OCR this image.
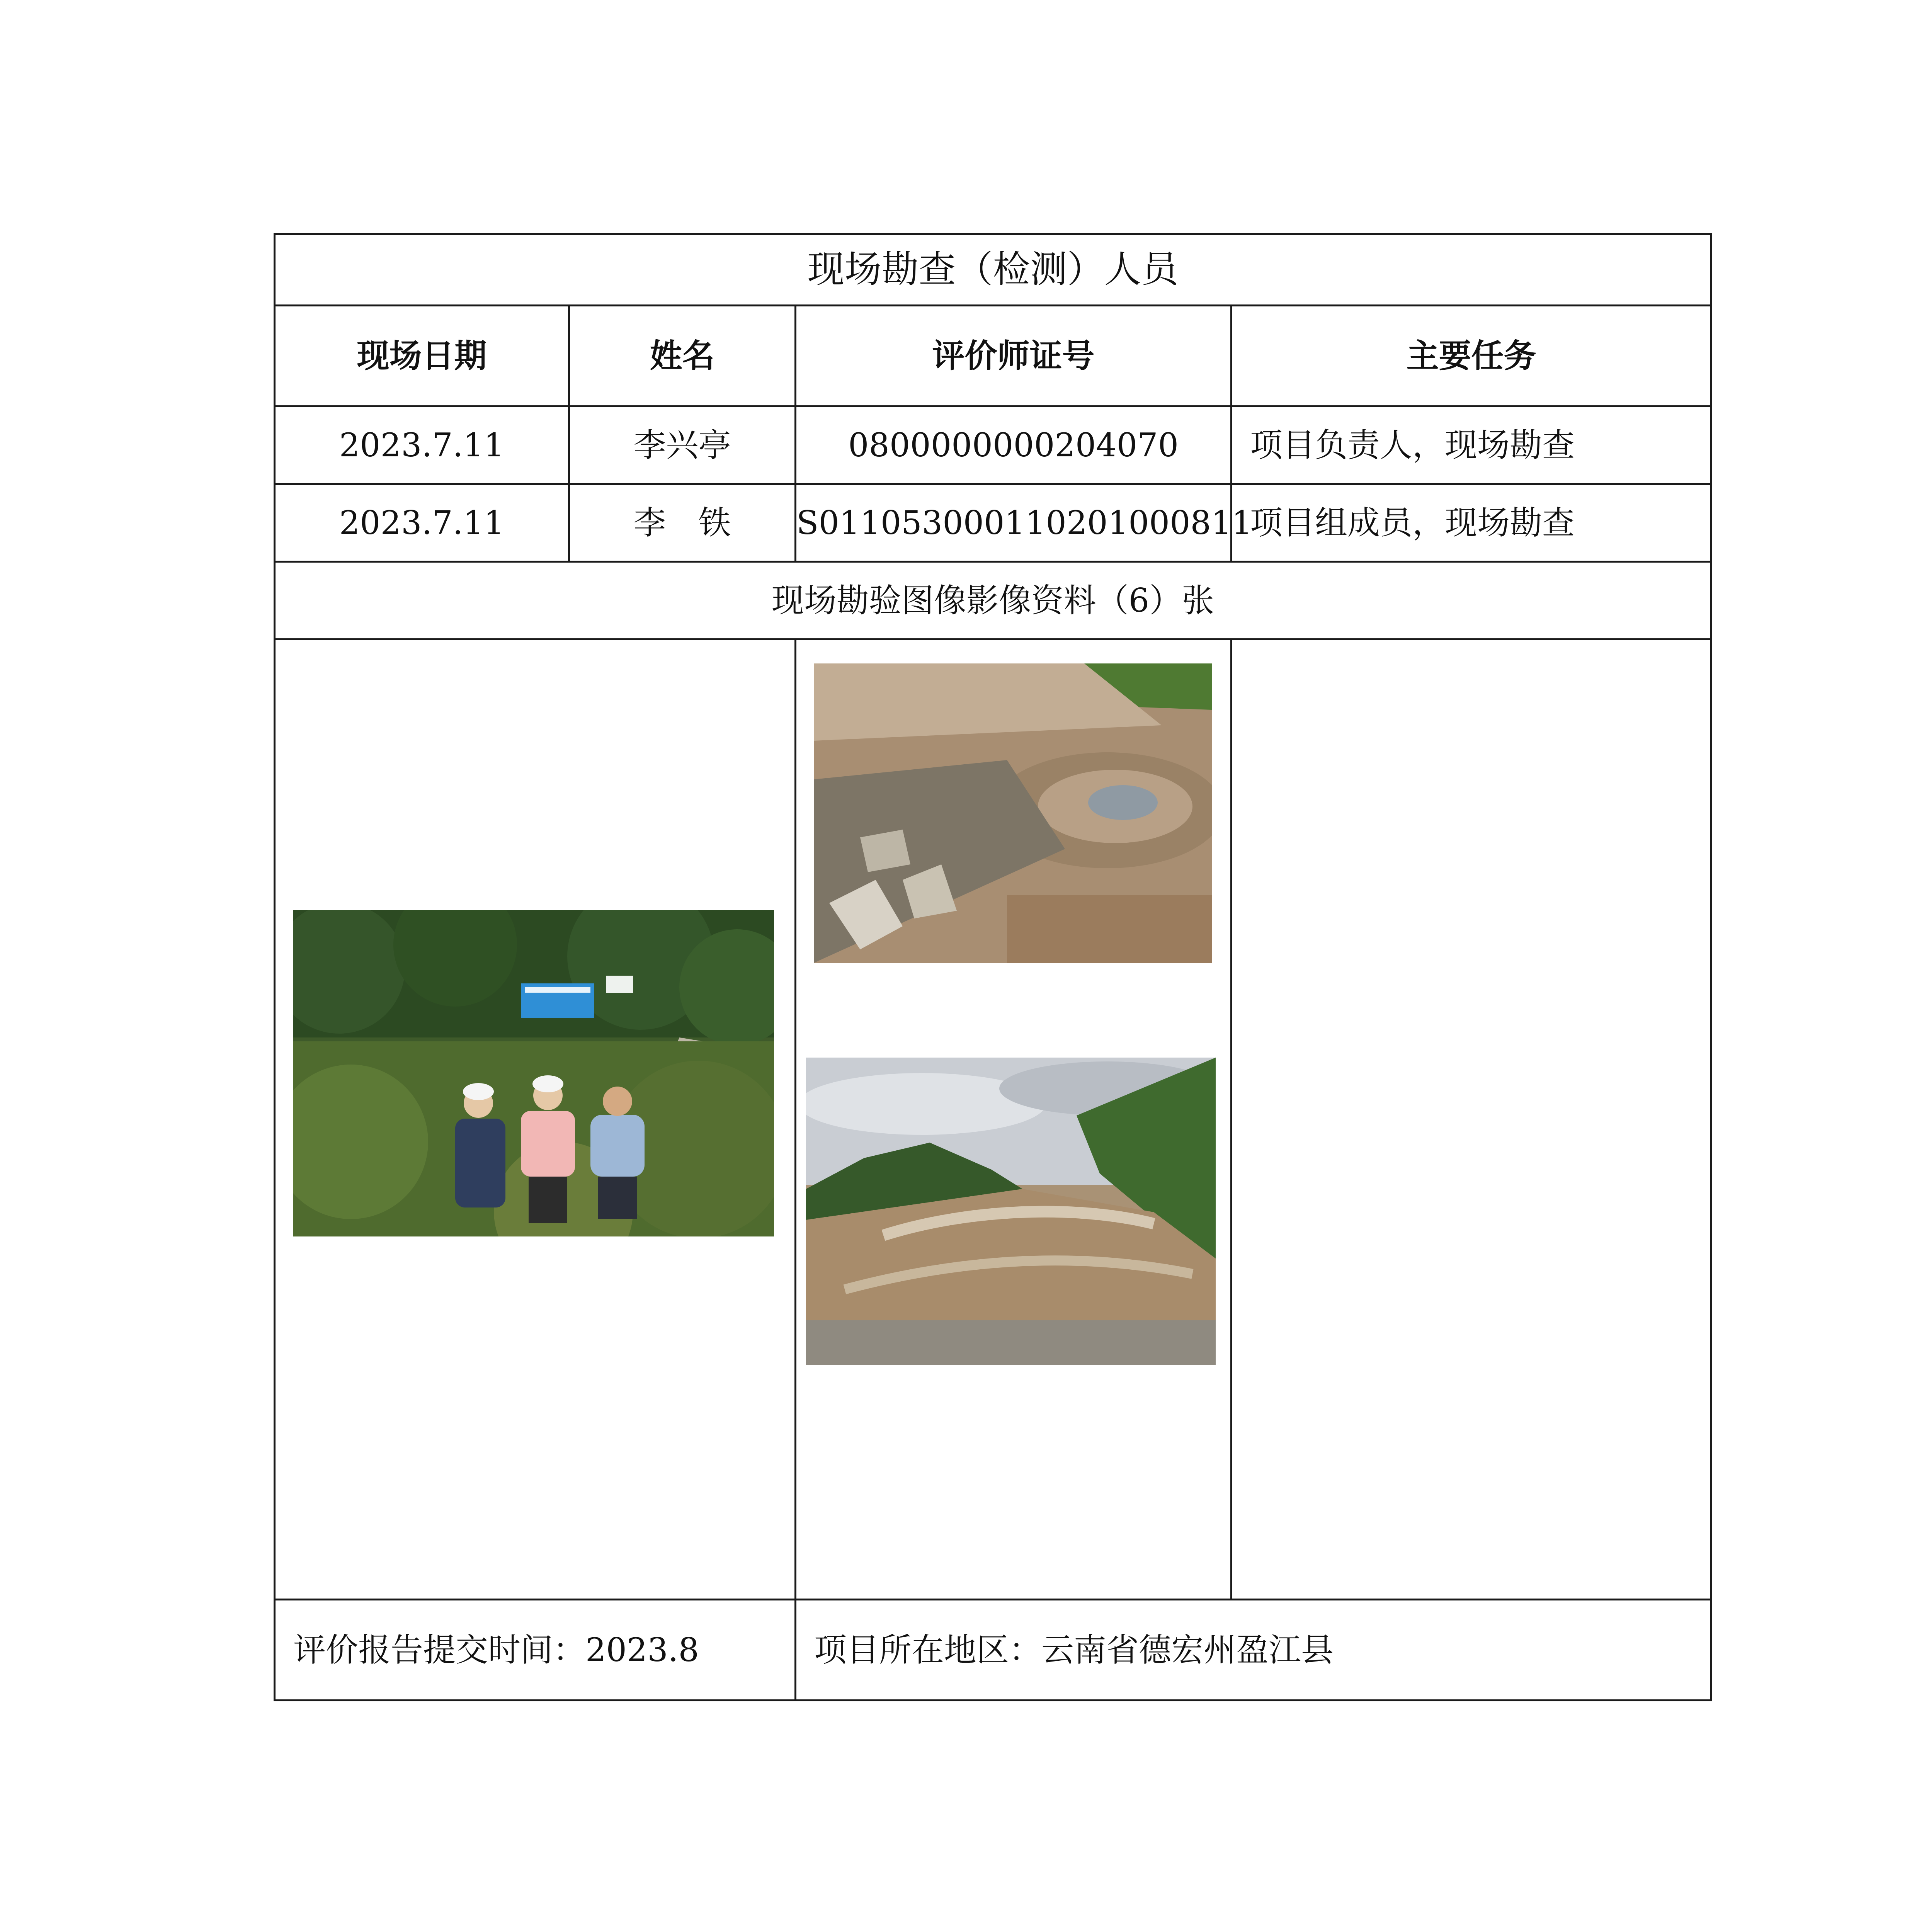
现场勘查（检测）人员			
现场日期	姓名	评价师证号	主要任务
2023.7.11	李兴亭	0800000000204070	项目负责人，现场勘查
2023.7.11	李　铁	S011053000110201000811	项目组成员，现场勘查
现场勘验图像影像资料（6）张			

评价报告提交时间：2023.8		项目所在地区：云南省德宏州盈江县	
